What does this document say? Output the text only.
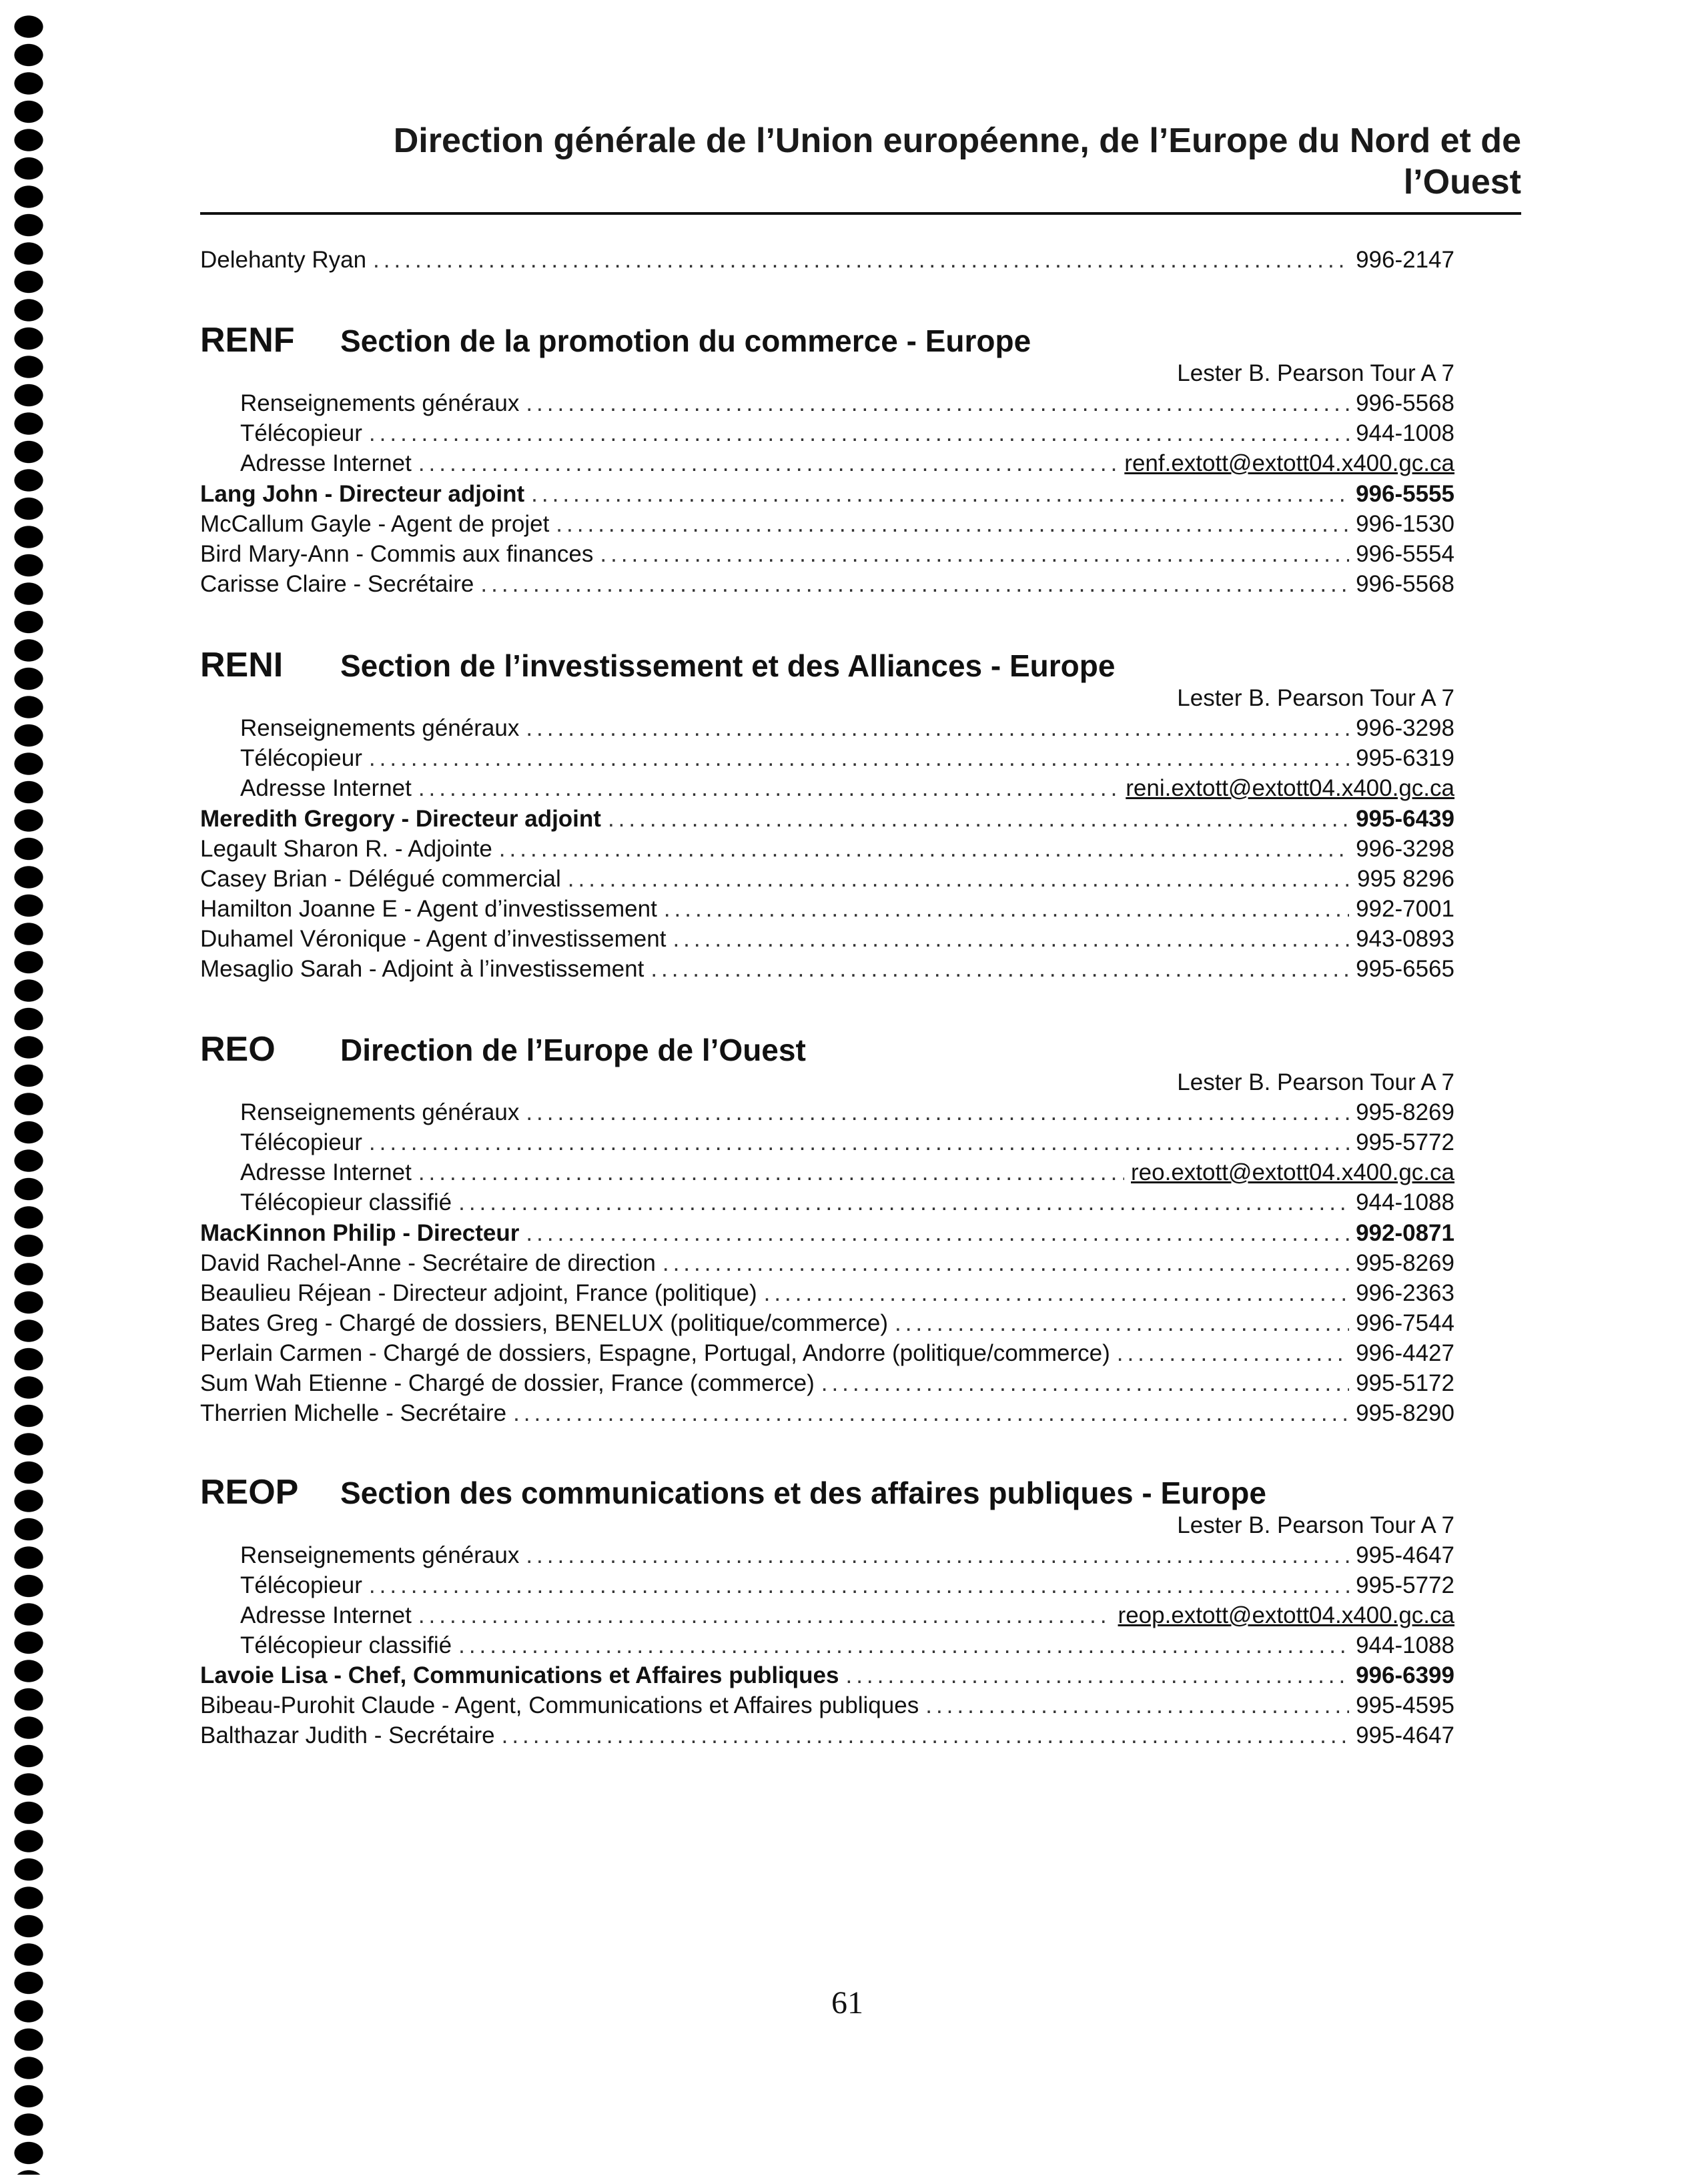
Direction générale de l’Union européenne, de l’Europe du Nord et de
l’Ouest
Delehanty Ryan .....	996-2147
RENF Section de la promotion du commerce - Europe
Lester B. Pearson Tour A 7
Renseignements généraux .....	996-5568
Télécopieur .....	944-1008
Adresse Internet .....	renf.extott@extott04.x400.gc.ca
Lang John - Directeur adjoint .....	996-5555
McCallum Gayle - Agent de projet .....	996-1530
Bird Mary-Ann - Commis aux finances .....	996-5554
Carisse Claire - Secrétaire .....	996-5568
RENI Section de l’investissement et des Alliances - Europe
Lester B. Pearson Tour A 7
Renseignements généraux .....	996-3298
Télécopieur .....	995-6319
Adresse Internet .....	reni.extott@extott04.x400.gc.ca
Meredith Gregory - Directeur adjoint .....	995-6439
Legault Sharon R. - Adjointe .....	996-3298
Casey Brian - Délégué commercial .....	995 8296
Hamilton Joanne E - Agent d’investissement .....	992-7001
Duhamel Véronique - Agent d’investissement .....	943-0893
Mesaglio Sarah - Adjoint à l’investissement .....	995-6565
REO Direction de l’Europe de l’Ouest
Lester B. Pearson Tour A 7
Renseignements généraux .....	995-8269
Télécopieur .....	995-5772
Adresse Internet .....	reo.extott@extott04.x400.gc.ca
Télécopieur classifié .....	944-1088
MacKinnon Philip - Directeur .....	992-0871
David Rachel-Anne - Secrétaire de direction .....	995-8269
Beaulieu Réjean - Directeur adjoint, France (politique) .....	996-2363
Bates Greg - Chargé de dossiers, BENELUX (politique/commerce) .....	996-7544
Perlain Carmen - Chargé de dossiers, Espagne, Portugal, Andorre (politique/commerce) .....	996-4427
Sum Wah Etienne - Chargé de dossier, France (commerce) .....	995-5172
Therrien Michelle - Secrétaire .....	995-8290
REOP Section des communications et des affaires publiques - Europe
Lester B. Pearson Tour A 7
Renseignements généraux .....	995-4647
Télécopieur .....	995-5772
Adresse Internet .....	reop.extott@extott04.x400.gc.ca
Télécopieur classifié .....	944-1088
Lavoie Lisa - Chef, Communications et Affaires publiques .....	996-6399
Bibeau-Purohit Claude - Agent, Communications et Affaires publiques .....	995-4595
Balthazar Judith - Secrétaire .....	995-4647
61
